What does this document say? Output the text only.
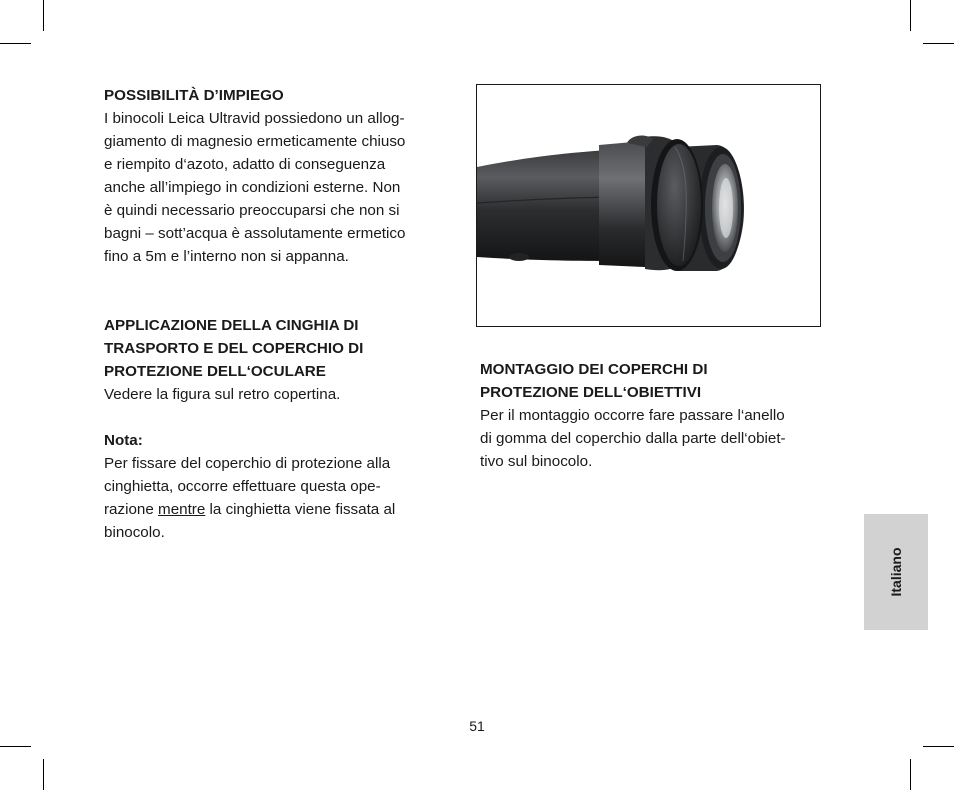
POSSIBILITÀ D’IMPIEGO

I binocoli Leica Ultravid possiedono un allog-

giamento di magnesio ermeticamente chiuso

e riempito d‘azoto, adatto di conseguenza

anche all’impiego in condizioni esterne. Non

è quindi necessario preoccuparsi che non si

bagni – sott’acqua è assolutamente ermetico

fino a 5m e l’interno non si appanna.

APPLICAZIONE DELLA CINGHIA DI

TRASPORTO E DEL COPERCHIO DI

PROTEZIONE DELL‘OCULARE

Vedere la figura sul retro copertina.

Nota:

Per fissare del coperchio di protezione alla

cinghietta, occorre effettuare questa ope-

razione mentre la cinghietta viene fissata al

binocolo.

MONTAGGIO DEI COPERCHI DI

PROTEZIONE DELL‘OBIETTIVI

Per il montaggio occorre fare passare l‘anello

di gomma del coperchio dalla parte dell‘obiet-

tivo sul binocolo.

Italiano
51
